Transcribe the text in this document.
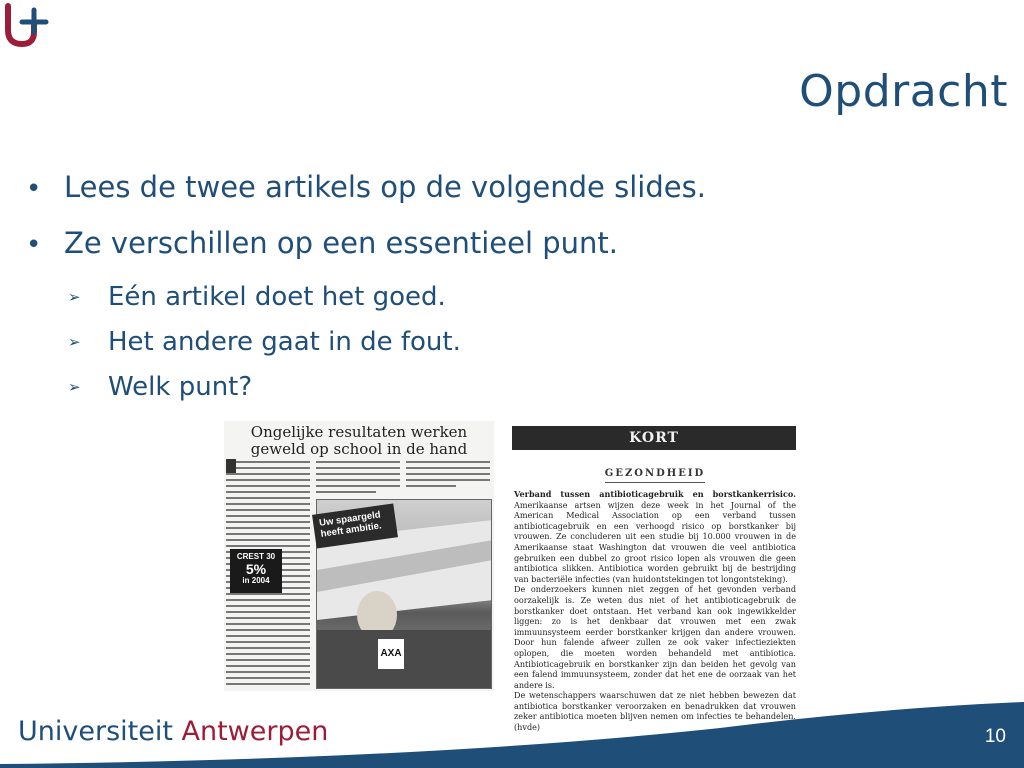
Opdracht
• Lees de twee artikels op de volgende slides.
• Ze verschillen op een essentieel punt.
➢	Eén artikel doet het goed.
➢	Het andere gaat in de fout.
➢	Welk punt?
Ongelijke resultaten werken geweld op school in de hand
Uw spaargeld heeft ambitie.
CREST 30
5%
in 2004
AXA
KORT
GEZONDHEID

Verband tussen antibioticagebruik en borstkankerrisico. Amerikaanse artsen wijzen deze week in het Journal of the American Medical Association op een verband tussen antibioticagebruik en een verhoogd risico op borstkanker bij vrouwen. Ze concluderen uit een studie bij 10.000 vrouwen in de Amerikaanse staat Washington dat vrouwen die veel antibiotica gebruiken een dubbel zo groot risico lopen als vrouwen die geen antibiotica slikken. Antibiotica worden gebruikt bij de bestrijding van bacteriële infecties (van huidontstekingen tot longontsteking).

De onderzoekers kunnen niet zeggen of het gevonden verband oorzakelijk is. Ze weten dus niet of het antibioticagebruik de borstkanker doet ontstaan. Het verband kan ook ingewikkelder liggen: zo is het denkbaar dat vrouwen met een zwak immuunsysteem eerder borstkanker krijgen dan andere vrouwen. Door hun falende afweer zullen ze ook vaker infectieziekten oplopen, die moeten worden behandeld met antibiotica. Antibioticagebruik en borstkanker zijn dan beiden het gevolg van een falend immuunsysteem, zonder dat het ene de oorzaak van het andere is.

De wetenschappers waarschuwen dat ze niet hebben bewezen dat antibiotica borstkanker veroorzaken en benadrukken dat vrouwen zeker antibiotica moeten blijven nemen om infecties te behandelen. (hvde)

Universiteit Antwerpen	10
